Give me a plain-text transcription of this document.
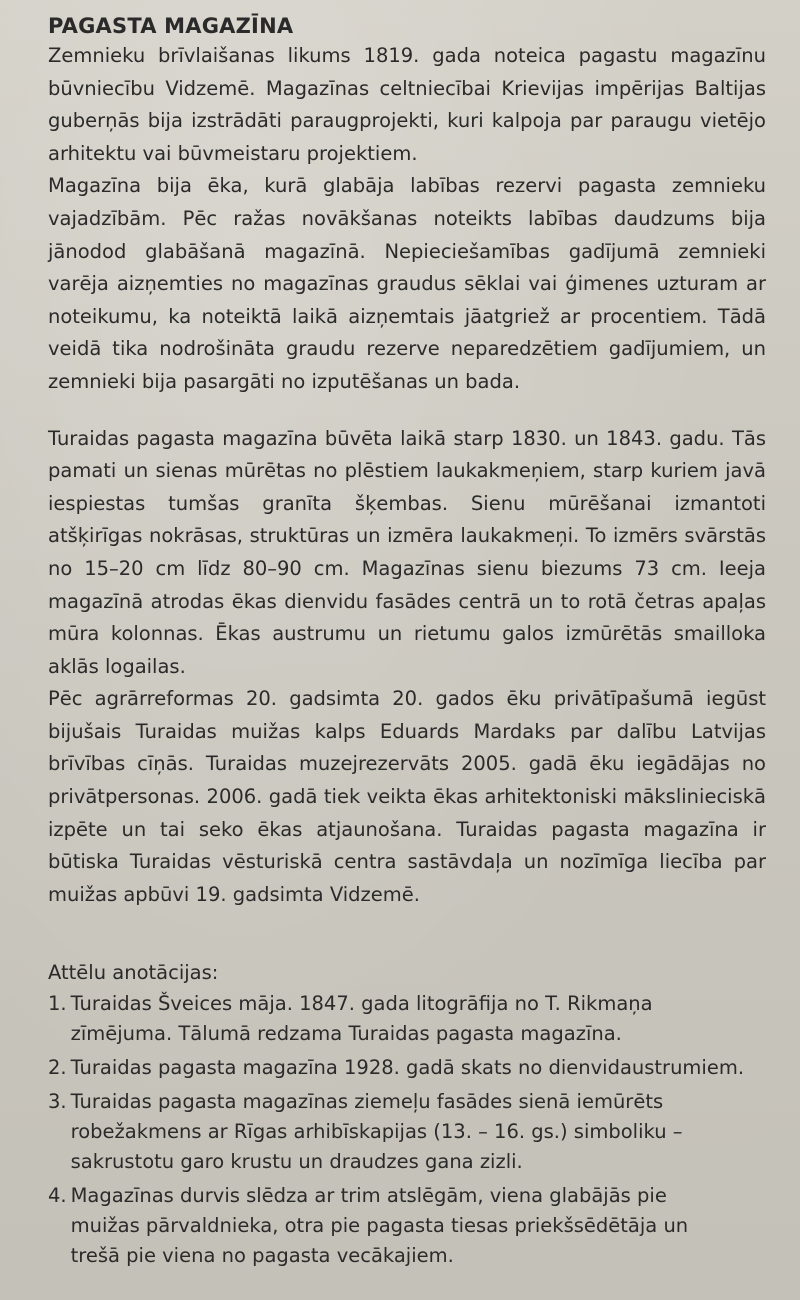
PAGASTA MAGAZĪNA

Zemnieku brīvlaišanas likums 1819. gada noteica pagastu magazīnu būvniecību Vidzemē. Magazīnas celtniecībai Krievijas impērijas Baltijas guberņās bija izstrādāti paraugprojekti, kuri kalpoja par paraugu vietējo arhitektu vai būvmeistaru projektiem.

Magazīna bija ēka, kurā glabāja labības rezervi pagasta zemnieku vajadzībām. Pēc ražas novākšanas noteikts labības daudzums bija jānodod glabāšanā magazīnā. Nepieciešamības gadījumā zemnieki varēja aizņemties no magazīnas graudus sēklai vai ģimenes uzturam ar noteikumu, ka noteiktā laikā aizņemtais jāatgriež ar procentiem. Tādā veidā tika nodrošināta graudu rezerve neparedzētiem gadījumiem, un zemnieki bija pasargāti no izputēšanas un bada.

Turaidas pagasta magazīna būvēta laikā starp 1830. un 1843. gadu. Tās pamati un sienas mūrētas no plēstiem laukakmeņiem, starp kuriem javā iespiestas tumšas granīta šķembas. Sienu mūrēšanai izmantoti atšķirīgas nokrāsas, struktūras un izmēra laukakmeņi. To izmērs svārstās no 15–20 cm līdz 80–90 cm. Magazīnas sienu biezums 73 cm. Ieeja magazīnā atrodas ēkas dienvidu fasādes centrā un to rotā četras apaļas mūra kolonnas. Ēkas austrumu un rietumu galos izmūrētās smailloka aklās logailas.

Pēc agrārreformas 20. gadsimta 20. gados ēku privātīpašumā iegūst bijušais Turaidas muižas kalps Eduards Mardaks par dalību Latvijas brīvības cīņās. Turaidas muzejrezervāts 2005. gadā ēku iegādājas no privātpersonas. 2006. gadā tiek veikta ēkas arhitektoniski mākslinieciskā izpēte un tai seko ēkas atjaunošana. Turaidas pagasta magazīna ir būtiska Turaidas vēsturiskā centra sastāvdaļa un nozīmīga liecība par muižas apbūvi 19. gadsimta Vidzemē.

Attēlu anotācijas:

1. Turaidas Šveices māja. 1847. gada litogrāfija no T. Rikmaņa
zīmējuma. Tālumā redzama Turaidas pagasta magazīna.
2. Turaidas pagasta magazīna 1928. gadā skats no dienvidaustrumiem.
3. Turaidas pagasta magazīnas ziemeļu fasādes sienā iemūrēts
robežakmens ar Rīgas arhibīskapijas (13. – 16. gs.) simboliku –
sakrustotu garo krustu un draudzes gana zizli.
4. Magazīnas durvis slēdza ar trim atslēgām, viena glabājās pie
muižas pārvaldnieka, otra pie pagasta tiesas priekšsēdētāja un
trešā pie viena no pagasta vecākajiem.
